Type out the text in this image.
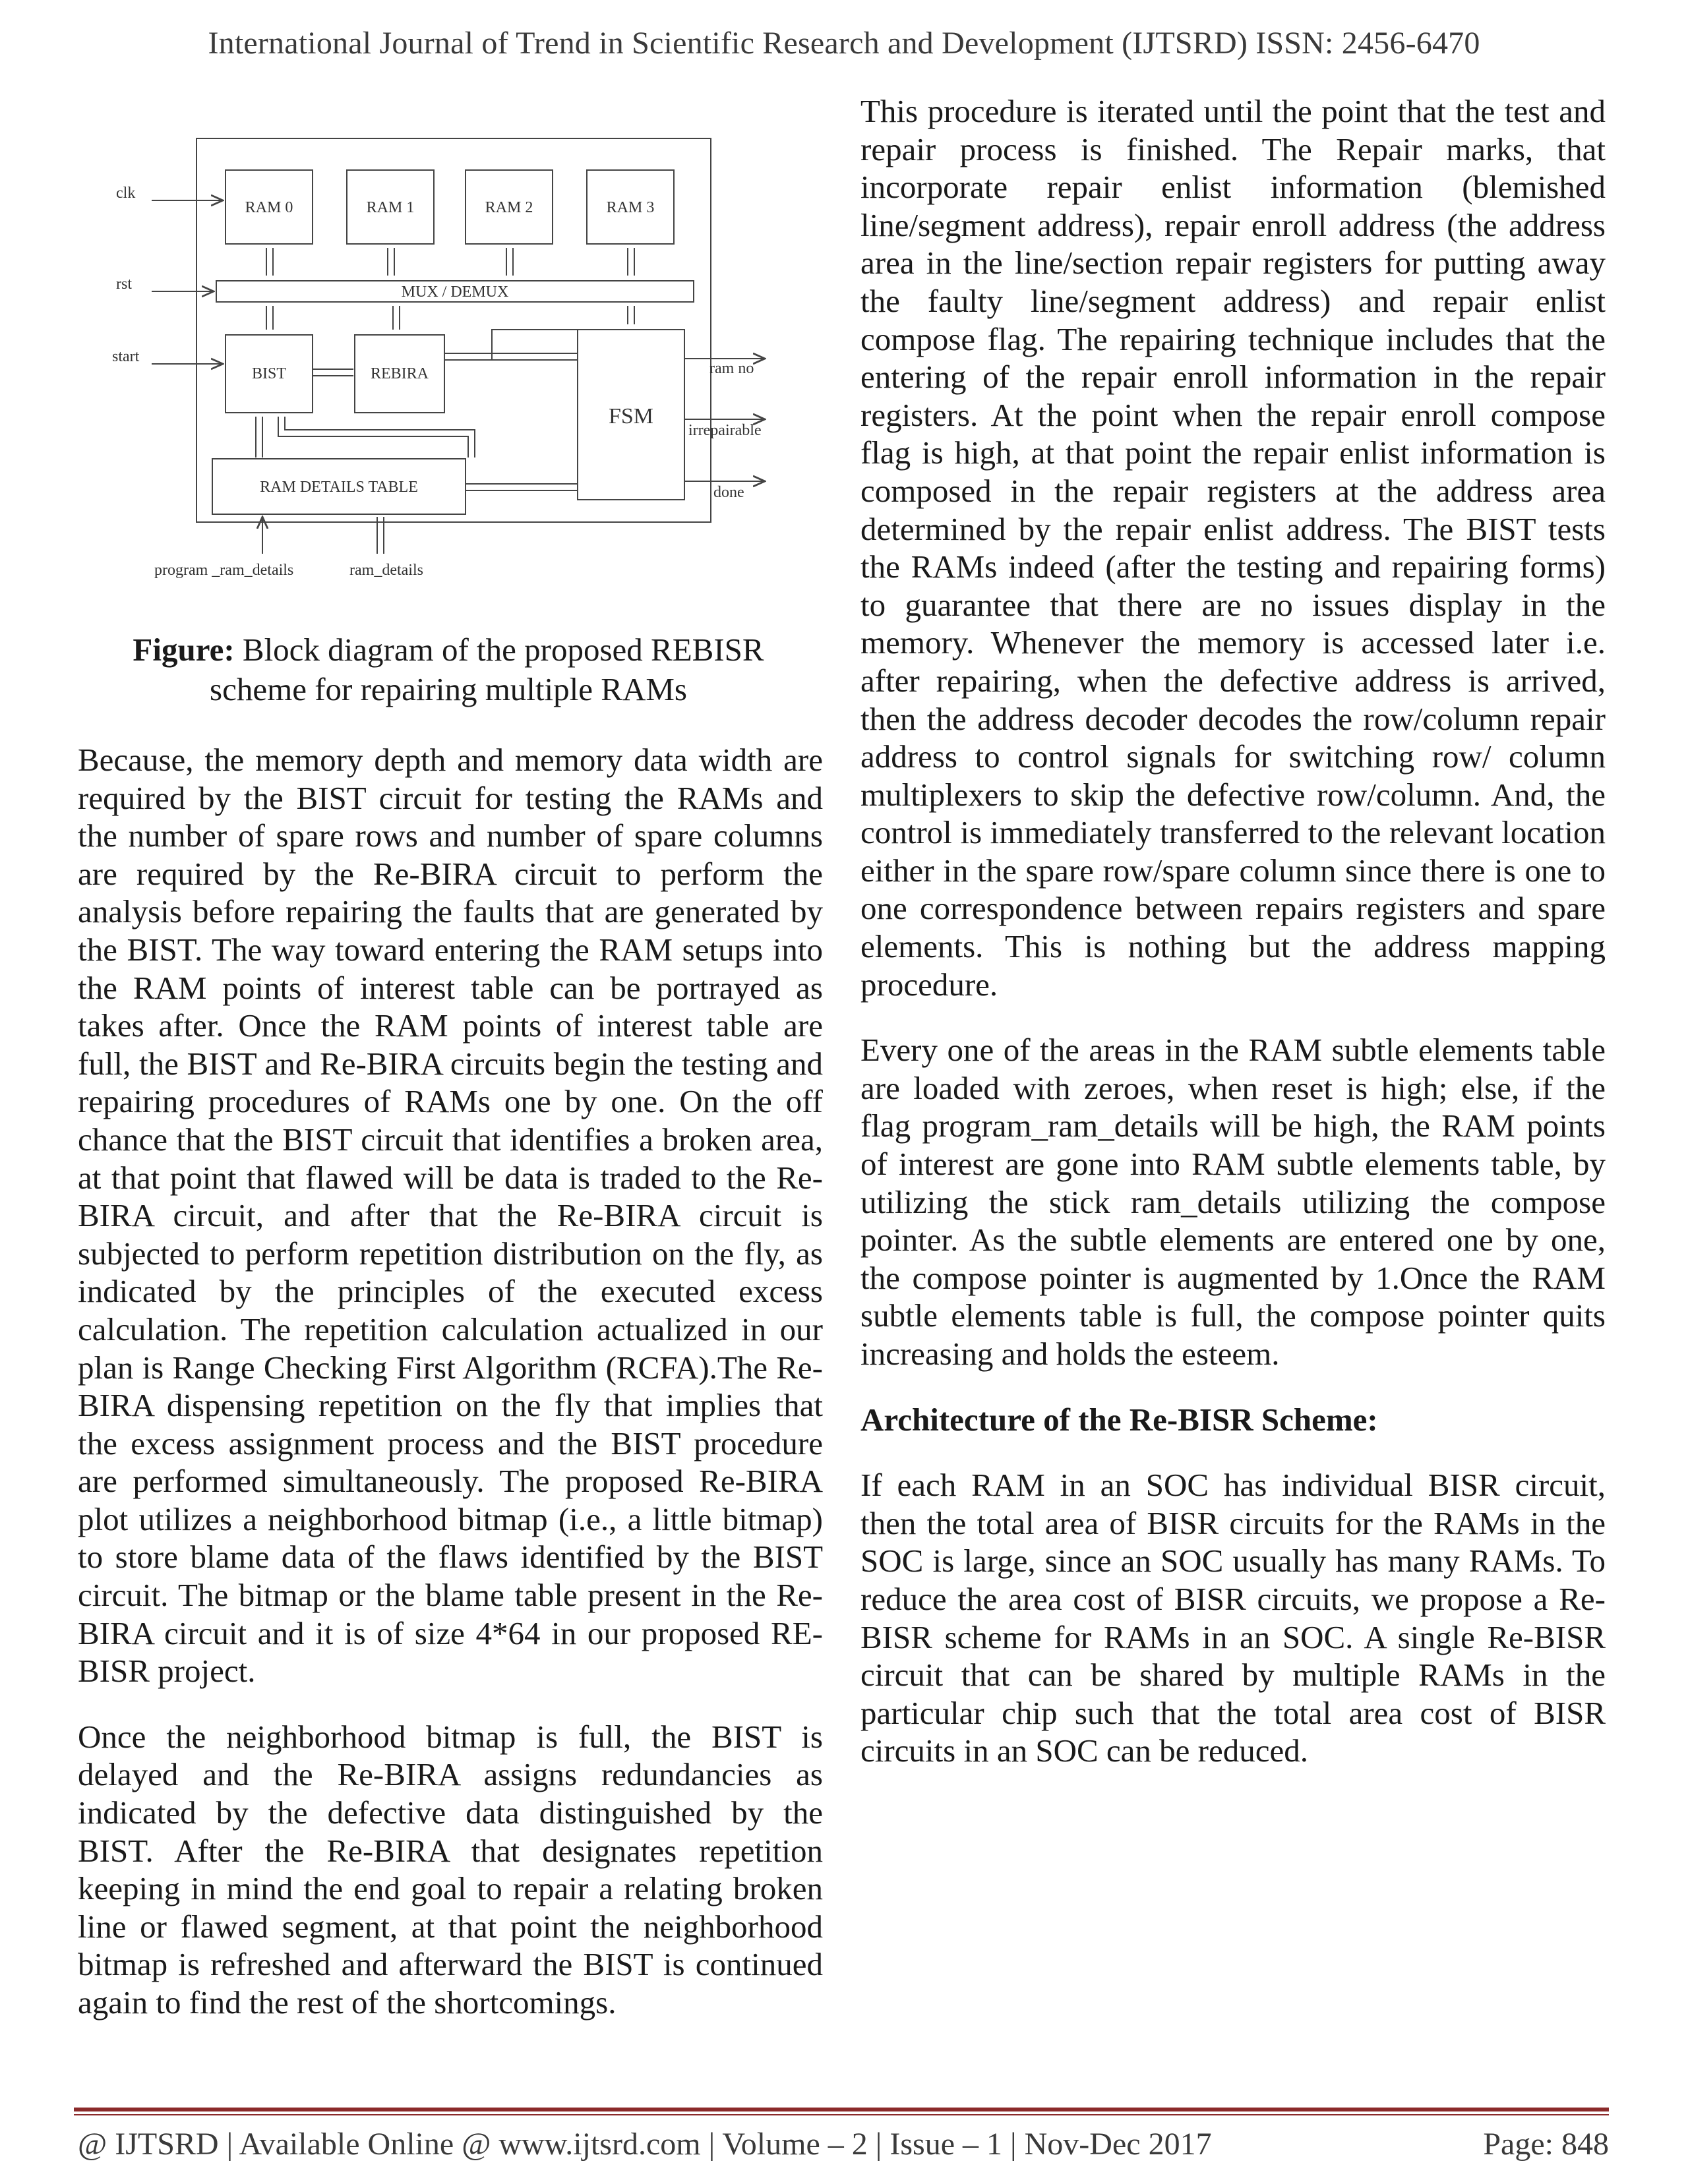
International Journal of Trend in Scientific Research and Development (IJTSRD) ISSN: 2456-6470
clk
rst
start
RAM 0	RAM 1	RAM 2	RAM 3
MUX / DEMUX
BIST	REBIRA
RAM DETAILS TABLE
ram no
irrepairable
done
program _ram_details	ram_details
FSM
Figure: Block diagram of the proposed REBISR scheme for repairing multiple RAMs

Because, the memory depth and memory data width are required by the BIST circuit for testing the RAMs and the number of spare rows and number of spare columns are required by the Re-BIRA circuit to perform the analysis before repairing the faults that are generated by the BIST. The way toward entering the RAM setups into the RAM points of interest table can be portrayed as takes after. Once the RAM points of interest table are full, the BIST and Re-BIRA circuits begin the testing and repairing procedures of RAMs one by one. On the off chance that the BIST circuit that identifies a broken area, at that point that flawed will be data is traded to the Re-BIRA circuit, and after that the Re-BIRA circuit is subjected to perform repetition distribution on the fly, as indicated by the principles of the executed excess calculation. The repetition calculation actualized in our plan is Range Checking First Algorithm (RCFA).The Re-BIRA dispensing repetition on the fly that implies that the excess assignment process and the BIST procedure are performed simultaneously. The proposed Re-BIRA plot utilizes a neighborhood bitmap (i.e., a little bitmap) to store blame data of the flaws identified by the BIST circuit. The bitmap or the blame table present in the Re-BIRA circuit and it is of size 4*64 in our proposed RE-BISR project.

Once the neighborhood bitmap is full, the BIST is delayed and the Re-BIRA assigns redundancies as indicated by the defective data distinguished by the BIST. After the Re-BIRA that designates repetition keeping in mind the end goal to repair a relating broken line or flawed segment, at that point the neighborhood bitmap is refreshed and afterward the BIST is continued again to find the rest of the shortcomings.

This procedure is iterated until the point that the test and repair process is finished. The Repair marks, that incorporate repair enlist information (blemished line/segment address), repair enroll address (the address area in the line/section repair registers for putting away the faulty line/segment address) and repair enlist compose flag. The repairing technique includes that the entering of the repair enroll information in the repair registers. At the point when the repair enroll compose flag is high, at that point the repair enlist information is composed in the repair registers at the address area determined by the repair enlist address. The BIST tests the RAMs indeed (after the testing and repairing forms) to guarantee that there are no issues display in the memory. Whenever the memory is accessed later i.e. after repairing, when the defective address is arrived, then the address decoder decodes the row/column repair address to control signals for switching row/ column multiplexers to skip the defective row/column. And, the control is immediately transferred to the relevant location either in the spare row/spare column since there is one to one correspondence between repairs registers and spare elements. This is nothing but the address mapping procedure.

Every one of the areas in the RAM subtle elements table are loaded with zeroes, when reset is high; else, if the flag program_ram_details will be high, the RAM points of interest are gone into RAM subtle elements table, by utilizing the stick ram_details utilizing the compose pointer. As the subtle elements are entered one by one, the compose pointer is augmented by 1.Once the RAM subtle elements table is full, the compose pointer quits increasing and holds the esteem.

Architecture of the Re-BISR Scheme:

If each RAM in an SOC has individual BISR circuit, then the total area of BISR circuits for the RAMs in the SOC is large, since an SOC usually has many RAMs. To reduce the area cost of BISR circuits, we propose a Re-BISR scheme for RAMs in an SOC. A single Re-BISR circuit that can be shared by multiple RAMs in the particular chip such that the total area cost of BISR circuits in an SOC can be reduced.

@ IJTSRD | Available Online @ www.ijtsrd.com | Volume – 2 | Issue – 1 | Nov-Dec 2017	Page: 848
